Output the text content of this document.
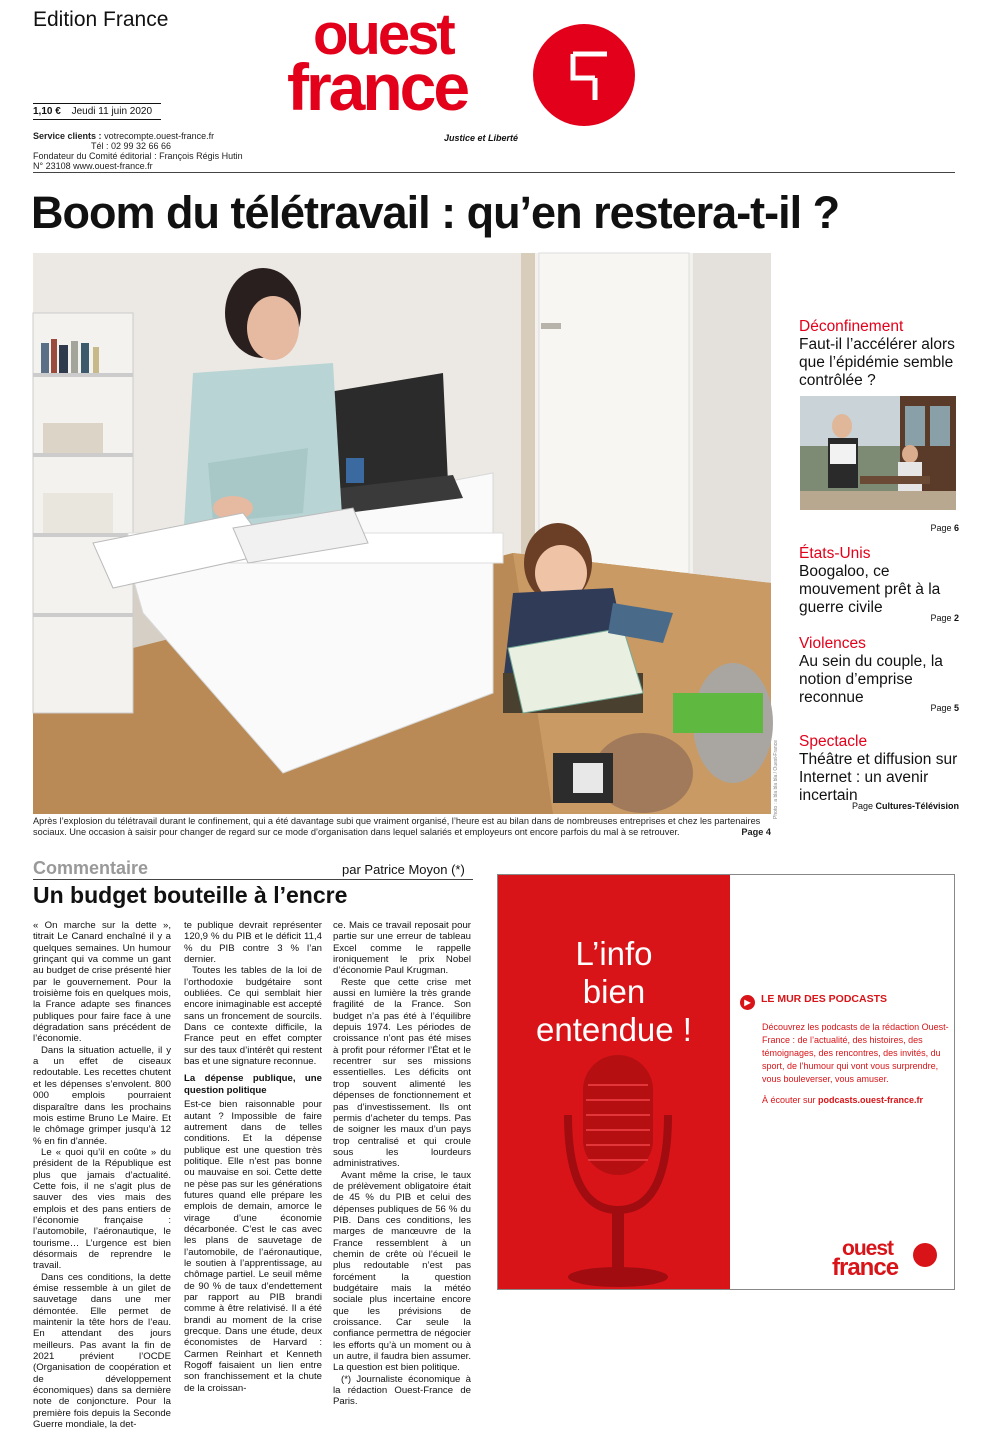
Edition France ouest
france
1,10 € Jeudi 11 juin 2020
Service clients : votrecompte.ouest-france.fr
Tél : 02 99 32 66 66
Fondateur du Comité éditorial : François Régis Hutin
N° 23108 www.ouest-france.fr
Justice et Liberté
Boom du télétravail : qu’en restera-t-il ?
Photo : a bla bla bla / Ouest-France
Après l’explosion du télétravail durant le confinement, qui a été davantage subi que vraiment organisé, l’heure est au bilan dans de nombreuses entreprises et chez les partenaires sociaux. Une occasion à saisir pour changer de regard sur ce mode d’organisation dans lequel salariés et employeurs ont encore parfois du mal à se retrouver.	Page 4
Déconfinement
Faut-il l’accélérer alors que l’épidémie semble contrôlée ?
Page 6
États-Unis
Boogaloo, ce mouvement prêt à la guerre civile
Page 2
Violences
Au sein du couple, la notion d’emprise reconnue
Page 5
Spectacle
Théâtre et diffusion sur Internet : un avenir incertain
Page Cultures-Télévision
Commentaire	par Patrice Moyon (*)
Un budget bouteille à l’encre

« On marche sur la dette », titrait Le Canard enchaîné il y a quelques semaines. Un humour grinçant qui va comme un gant au budget de crise présenté hier par le gouvernement. Pour la troisième fois en quelques mois, la France adapte ses finances publiques pour faire face à une dégradation sans précédent de l’économie.

Dans la situation actuelle, il y a un effet de ciseaux redoutable. Les recettes chutent et les dépenses s’envolent. 800 000 emplois pourraient disparaître dans les prochains mois estime Bruno Le Maire. Et le chômage grimper jusqu’à 12 % en fin d’année.

Le « quoi qu’il en coûte » du président de la République est plus que jamais d’actualité. Cette fois, il ne s’agit plus de sauver des vies mais des emplois et des pans entiers de l’économie française : l’automobile, l’aéronautique, le tourisme… L’urgence est bien désormais de reprendre le travail.

Dans ces conditions, la dette émise ressemble à un gilet de sauvetage dans une mer démontée. Elle permet de maintenir la tête hors de l’eau. En attendant des jours meilleurs. Pas avant la fin de 2021 prévient l’OCDE (Organisation de coopération et de développement économiques) dans sa dernière note de conjoncture. Pour la première fois depuis la Seconde Guerre mondiale, la det-

te publique devrait représenter 120,9 % du PIB et le déficit 11,4 % du PIB contre 3 % l’an dernier.

Toutes les tables de la loi de l’orthodoxie budgétaire sont oubliées. Ce qui semblait hier encore inimaginable est accepté sans un froncement de sourcils. Dans ce contexte difficile, la France peut en effet compter sur des taux d’intérêt qui restent bas et une signature reconnue.

La dépense publique, une question politique

Est-ce bien raisonnable pour autant ? Impossible de faire autrement dans de telles conditions. Et la dépense publique est une question très politique. Elle n’est pas bonne ou mauvaise en soi. Cette dette ne pèse pas sur les générations futures quand elle prépare les emplois de demain, amorce le virage d’une économie décarbonée. C’est le cas avec les plans de sauvetage de l’automobile, de l’aéronautique, le soutien à l’apprentissage, au chômage partiel. Le seuil même de 90 % de taux d’endettement par rapport au PIB brandi comme à être relativisé. Il a été brandi au moment de la crise grecque. Dans une étude, deux économistes de Harvard : Carmen Reinhart et Kenneth Rogoff faisaient un lien entre son franchissement et la chute de la croissan-

ce. Mais ce travail reposait pour partie sur une erreur de tableau Excel comme le rappelle ironiquement le prix Nobel d’économie Paul Krugman.

Reste que cette crise met aussi en lumière la très grande fragilité de la France. Son budget n’a pas été à l’équilibre depuis 1974. Les périodes de croissance n’ont pas été mises à profit pour réformer l’État et le recentrer sur ses missions essentielles. Les déficits ont trop souvent alimenté les dépenses de fonctionnement et pas d’investissement. Ils ont permis d’acheter du temps. Pas de soigner les maux d’un pays trop centralisé et qui croule sous les lourdeurs administratives.

Avant même la crise, le taux de prélèvement obligatoire était de 45 % du PIB et celui des dépenses publiques de 56 % du PIB. Dans ces conditions, les marges de manœuvre de la France ressemblent à un chemin de crête où l’écueil le plus redoutable n’est pas forcément la question budgétaire mais la météo sociale plus incertaine encore que les prévisions de croissance. Car seule la confiance permettra de négocier les efforts qu’à un moment ou à un autre, il faudra bien assumer. La question est bien politique.

(*) Journaliste économique à la rédaction Ouest-France de Paris.

L’info
bien
entendue !
▶ LE MUR DES PODCASTS
Découvrez les podcasts de la rédaction Ouest-France : de l’actualité, des histoires, des témoignages, des rencontres, des invités, du sport, de l’humour qui vont vous surprendre, vous bouleverser, vous amuser.
À écouter sur podcasts.ouest-france.fr
ouest
france
